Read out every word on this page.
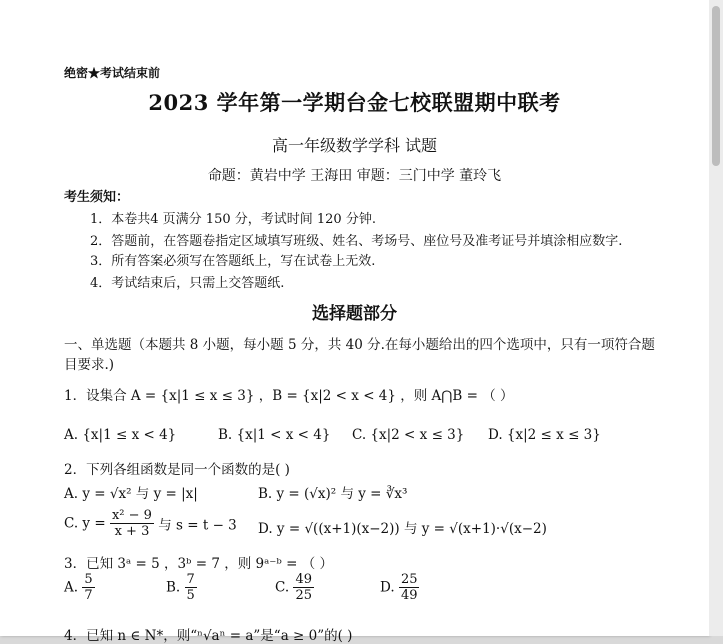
绝密★考试结束前
2023 学年第一学期台金七校联盟期中联考
高一年级数学学科 试题
命题：黄岩中学 王海田 审题：三门中学 董玲飞
考生须知：
1．本卷共4 页满分 150 分，考试时间 120 分钟.
2．答题前，在答题卷指定区域填写班级、姓名、考场号、座位号及准考证号并填涂相应数字.
3．所有答案必须写在答题纸上，写在试卷上无效.
4．考试结束后，只需上交答题纸.
选择题部分
一、单选题（本题共 8 小题，每小题 5 分，共 40 分.在每小题给出的四个选项中，只有一项符合题
目要求.)
1．设集合 A = {x|1 ≤ x ≤ 3} ，B = {x|2 < x < 4} ，则 A⋂B = （ ）
A. {x|1 ≤ x < 4}	B. {x|1 < x < 4} C. {x|2 < x ≤ 3} D. {x|2 ≤ x ≤ 3}
2．下列各组函数是同一个函数的是( )
A. y = √x² 与 y = |x|	B. y = (√x)² 与 y = ∛x³
C. $y = \frac{\text{x² − 9}}{x + 3}$ 与 s = t − 3 D. y = √((x+1)(x−2)) 与 y = √(x+1)·√(x−2)
3．已知 3ᵃ = 5 ，3ᵇ = 7 ，则 9ᵃ⁻ᵇ = （ ）
A. $\frac{5}{7}$	B. $\frac{7}{5}$	C. $\frac{49}{25}$	D. $\frac{25}{49}$
4．已知 n ∈ N*，则“ⁿ√aⁿ = a”是“a ≥ 0”的( )
